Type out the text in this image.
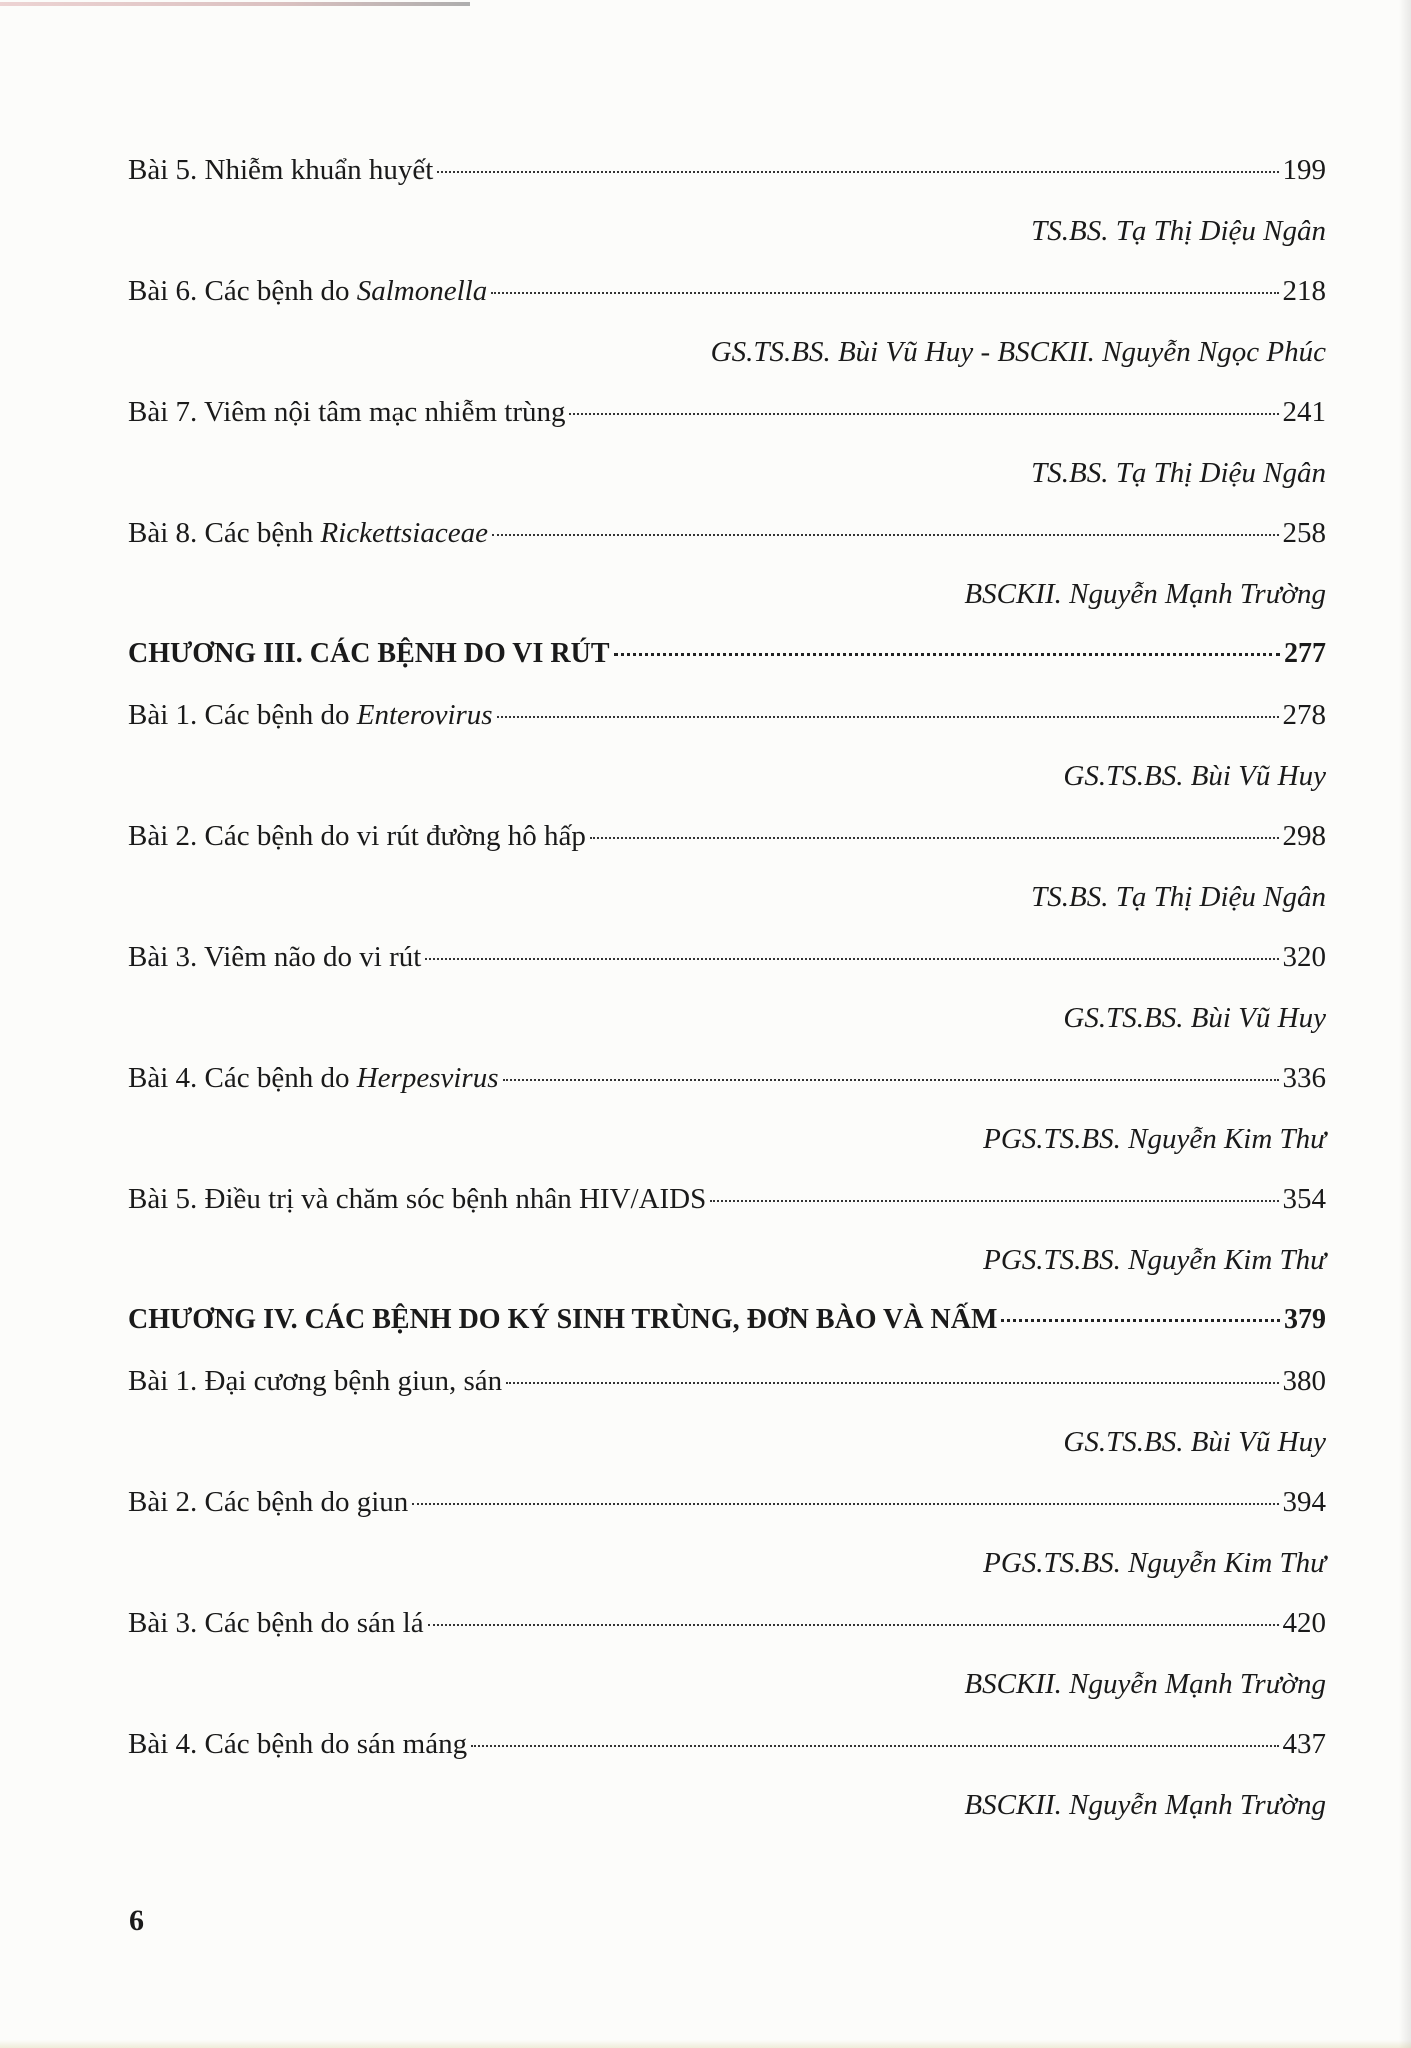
Bài 5. Nhiễm khuẩn huyết	199
TS.BS. Tạ Thị Diệu Ngân
Bài 6. Các bệnh do Salmonella	218
GS.TS.BS. Bùi Vũ Huy - BSCKII. Nguyễn Ngọc Phúc
Bài 7. Viêm nội tâm mạc nhiễm trùng	241
TS.BS. Tạ Thị Diệu Ngân
Bài 8. Các bệnh Rickettsiaceae	258
BSCKII. Nguyễn Mạnh Trường
CHƯƠNG III. CÁC BỆNH DO VI RÚT	277
Bài 1. Các bệnh do Enterovirus	278
GS.TS.BS. Bùi Vũ Huy
Bài 2. Các bệnh do vi rút đường hô hấp	298
TS.BS. Tạ Thị Diệu Ngân
Bài 3. Viêm não do vi rút	320
GS.TS.BS. Bùi Vũ Huy
Bài 4. Các bệnh do Herpesvirus	336
PGS.TS.BS. Nguyễn Kim Thư
Bài 5. Điều trị và chăm sóc bệnh nhân HIV/AIDS	354
PGS.TS.BS. Nguyễn Kim Thư
CHƯƠNG IV. CÁC BỆNH DO KÝ SINH TRÙNG, ĐƠN BÀO VÀ NẤM	379
Bài 1. Đại cương bệnh giun, sán	380
GS.TS.BS. Bùi Vũ Huy
Bài 2. Các bệnh do giun	394
PGS.TS.BS. Nguyễn Kim Thư
Bài 3. Các bệnh do sán lá	420
BSCKII. Nguyễn Mạnh Trường
Bài 4. Các bệnh do sán máng	437
BSCKII. Nguyễn Mạnh Trường
6
